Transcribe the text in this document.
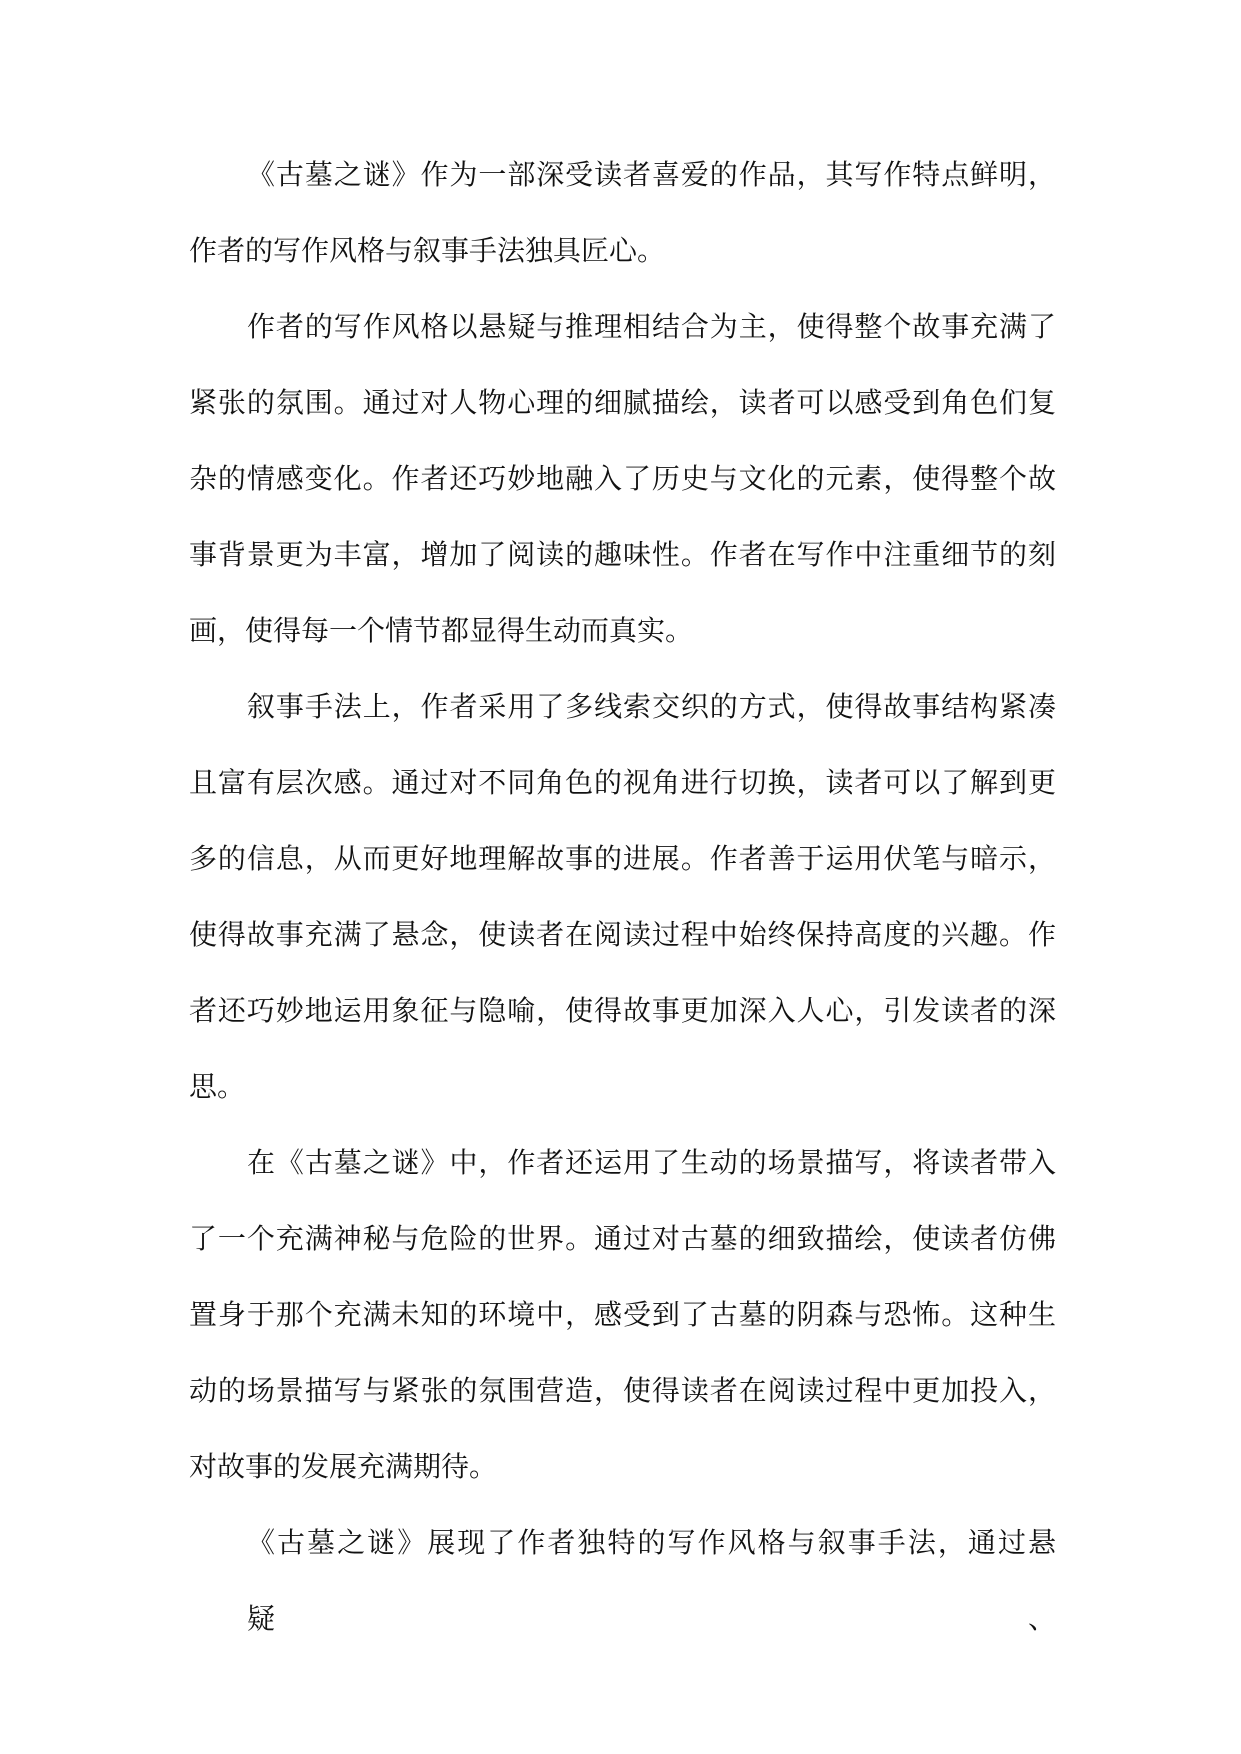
《古墓之谜》作为一部深受读者喜爱的作品，其写作特点鲜明，
作者的写作风格与叙事手法独具匠心。
作者的写作风格以悬疑与推理相结合为主，使得整个故事充满了
紧张的氛围。通过对人物心理的细腻描绘，读者可以感受到角色们复
杂的情感变化。作者还巧妙地融入了历史与文化的元素，使得整个故
事背景更为丰富，增加了阅读的趣味性。作者在写作中注重细节的刻
画，使得每一个情节都显得生动而真实。
叙事手法上，作者采用了多线索交织的方式，使得故事结构紧凑
且富有层次感。通过对不同角色的视角进行切换，读者可以了解到更
多的信息，从而更好地理解故事的进展。作者善于运用伏笔与暗示，
使得故事充满了悬念，使读者在阅读过程中始终保持高度的兴趣。作
者还巧妙地运用象征与隐喻，使得故事更加深入人心，引发读者的深
思。
在《古墓之谜》中，作者还运用了生动的场景描写，将读者带入
了一个充满神秘与危险的世界。通过对古墓的细致描绘，使读者仿佛
置身于那个充满未知的环境中，感受到了古墓的阴森与恐怖。这种生
动的场景描写与紧张的氛围营造，使得读者在阅读过程中更加投入，
对故事的发展充满期待。
《古墓之谜》展现了作者独特的写作风格与叙事手法，通过悬疑、
